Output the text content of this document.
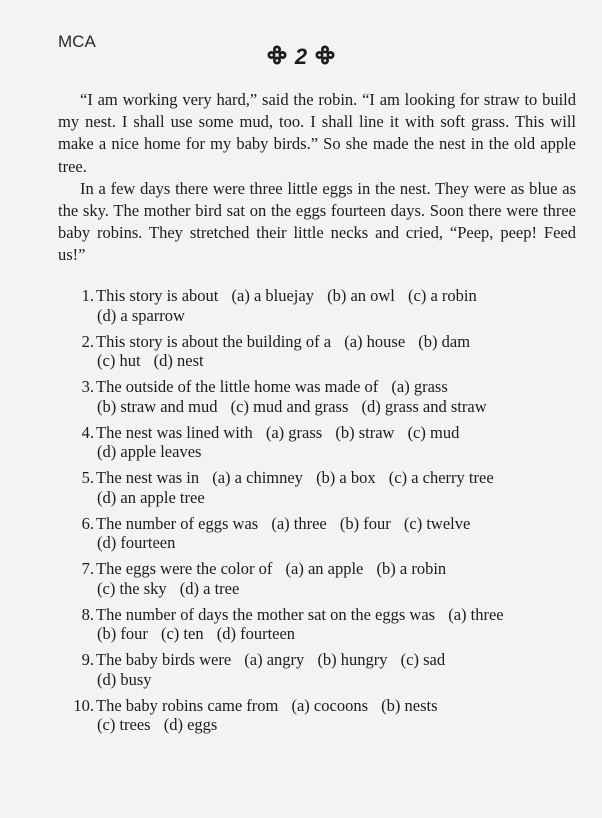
MCA
2

“I am working very hard,” said the robin. “I am looking for straw to build my nest. I shall use some mud, too. I shall line it with soft grass. This will make a nice home for my baby birds.” So she made the nest in the old apple tree.

In a few days there were three little eggs in the nest. They were as blue as the sky. The mother bird sat on the eggs fourteen days. Soon there were three baby robins. They stretched their little necks and cried, “Peep, peep! Feed us!”

1. This story is about (a) a bluejay (b) an owl (c) a robin
(d) a sparrow
2. This story is about the building of a (a) house (b) dam
(c) hut (d) nest
3. The outside of the little home was made of (a) grass
(b) straw and mud (c) mud and grass (d) grass and straw
4. The nest was lined with (a) grass (b) straw (c) mud
(d) apple leaves
5. The nest was in (a) a chimney (b) a box (c) a cherry tree
(d) an apple tree
6. The number of eggs was (a) three (b) four (c) twelve
(d) fourteen
7. The eggs were the color of (a) an apple (b) a robin
(c) the sky (d) a tree
8. The number of days the mother sat on the eggs was (a) three
(b) four (c) ten (d) fourteen
9. The baby birds were (a) angry (b) hungry (c) sad
(d) busy
10. The baby robins came from (a) cocoons (b) nests
(c) trees (d) eggs
